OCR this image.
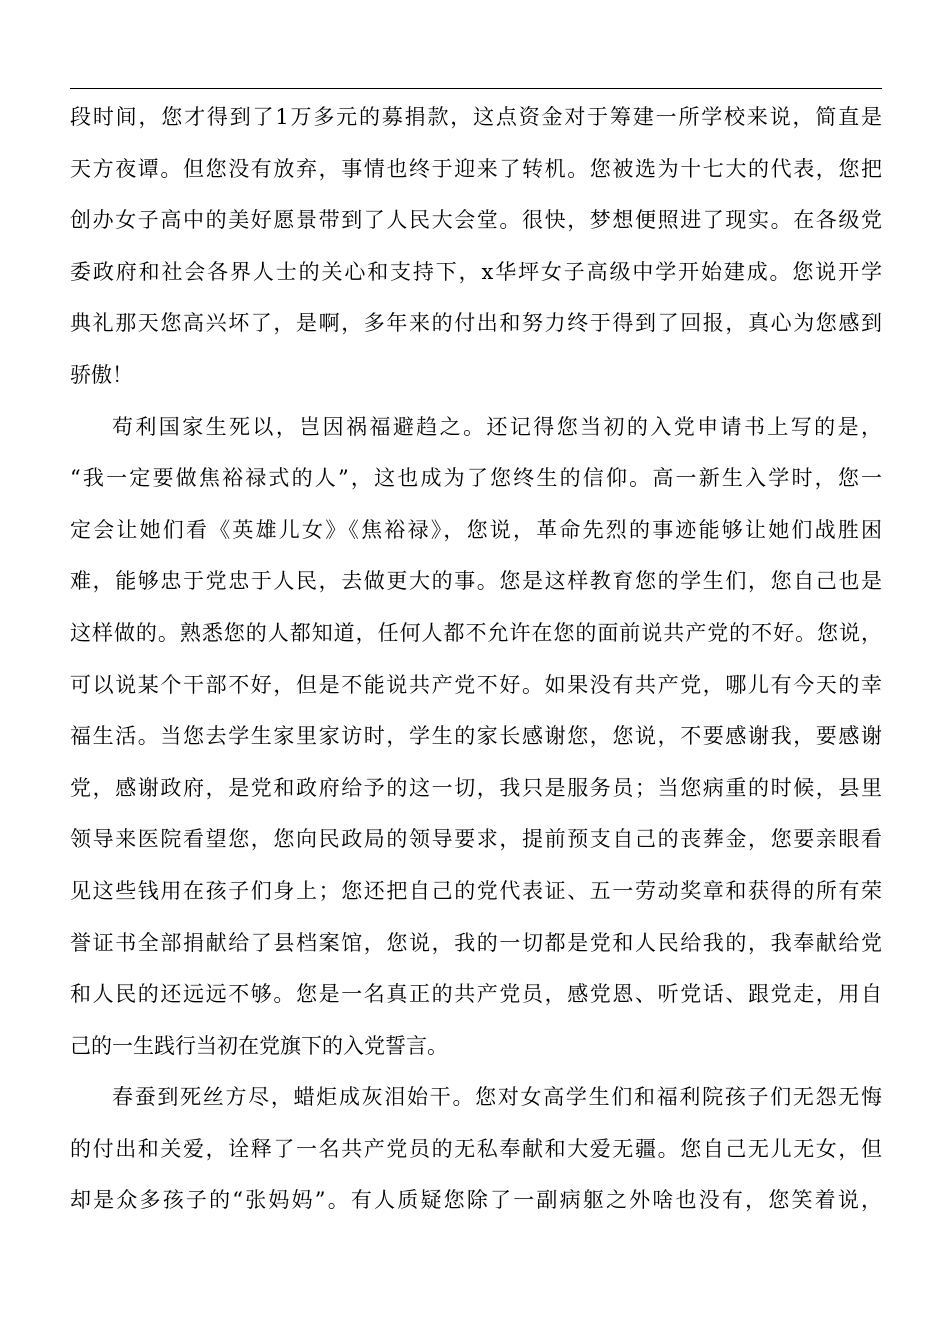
段时间，您才得到了1万多元的募捐款，这点资金对于筹建一所学校来说，简直是
天方夜谭。但您没有放弃，事情也终于迎来了转机。您被选为十七大的代表，您把
创办女子高中的美好愿景带到了人民大会堂。很快，梦想便照进了现实。在各级党
委政府和社会各界人士的关心和支持下，x华坪女子高级中学开始建成。您说开学
典礼那天您高兴坏了，是啊，多年来的付出和努力终于得到了回报，真心为您感到
骄傲！
苟利国家生死以，岂因祸福避趋之。还记得您当初的入党申请书上写的是，
“我一定要做焦裕禄式的人”，这也成为了您终生的信仰。高一新生入学时，您一
定会让她们看《英雄儿女》《焦裕禄》，您说，革命先烈的事迹能够让她们战胜困
难，能够忠于党忠于人民，去做更大的事。您是这样教育您的学生们，您自己也是
这样做的。熟悉您的人都知道，任何人都不允许在您的面前说共产党的不好。您说，
可以说某个干部不好，但是不能说共产党不好。如果没有共产党，哪儿有今天的幸
福生活。当您去学生家里家访时，学生的家长感谢您，您说，不要感谢我，要感谢
党，感谢政府，是党和政府给予的这一切，我只是服务员；当您病重的时候，县里
领导来医院看望您，您向民政局的领导要求，提前预支自己的丧葬金，您要亲眼看
见这些钱用在孩子们身上；您还把自己的党代表证、五一劳动奖章和获得的所有荣
誉证书全部捐献给了县档案馆，您说，我的一切都是党和人民给我的，我奉献给党
和人民的还远远不够。您是一名真正的共产党员，感党恩、听党话、跟党走，用自
己的一生践行当初在党旗下的入党誓言。
春蚕到死丝方尽，蜡炬成灰泪始干。您对女高学生们和福利院孩子们无怨无悔
的付出和关爱，诠释了一名共产党员的无私奉献和大爱无疆。您自己无儿无女，但
却是众多孩子的“张妈妈”。有人质疑您除了一副病躯之外啥也没有，您笑着说，
